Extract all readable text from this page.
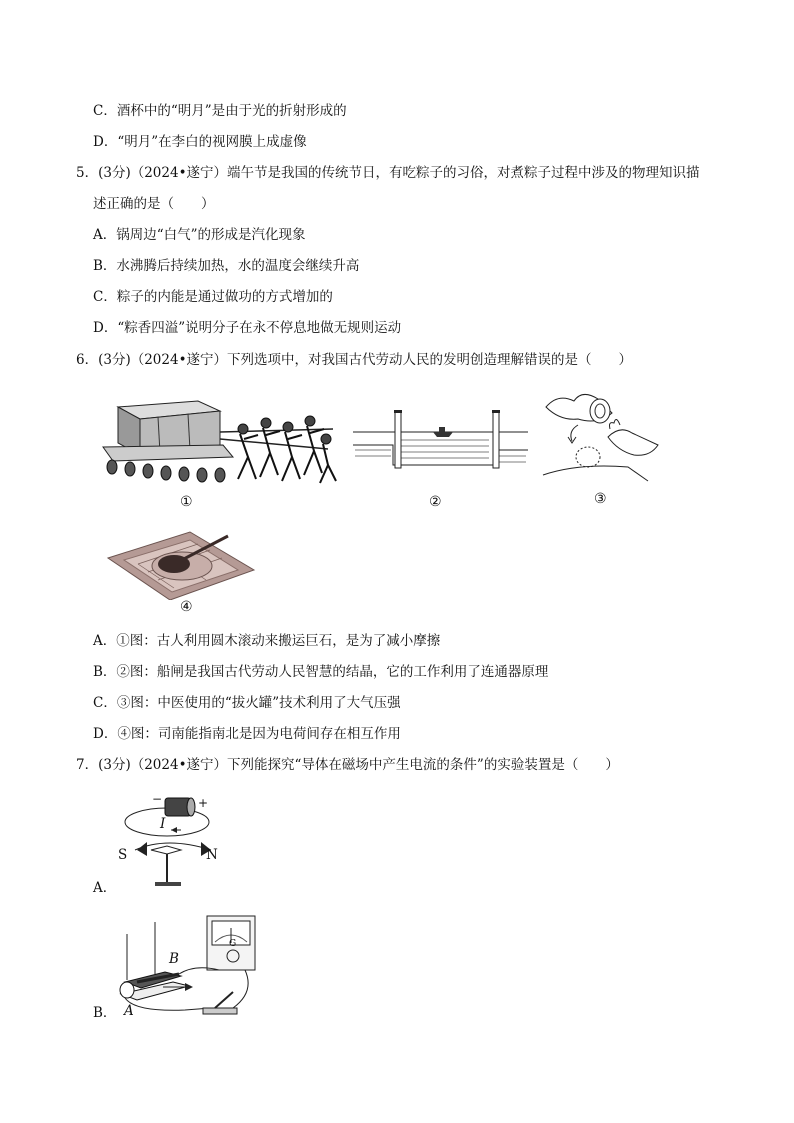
C．酒杯中的“明月”是由于光的折射形成的
D．“明月”在李白的视网膜上成虚像
5．(3分)（2024•遂宁）端午节是我国的传统节日，有吃粽子的习俗，对煮粽子过程中涉及的物理知识描
述正确的是（　　）
A．锅周边“白气”的形成是汽化现象
B．水沸腾后持续加热，水的温度会继续升高
C．粽子的内能是通过做功的方式增加的
D．“粽香四溢”说明分子在永不停息地做无规则运动
6．(3分)（2024•遂宁）下列选项中，对我国古代劳动人民的发明创造理解错误的是（　　）
①	②	③
④
A．①图：古人利用圆木滚动来搬运巨石，是为了减小摩擦
B．②图：船闸是我国古代劳动人民智慧的结晶，它的工作利用了连通器原理
C．③图：中医使用的“拔火罐”技术利用了大气压强
D．④图：司南能指南北是因为电荷间存在相互作用
7．(3分)（2024•遂宁）下列能探究“导体在磁场中产生电流的条件”的实验装置是（　　）
−	+
I
S	N
A．
B
A
G
B．
